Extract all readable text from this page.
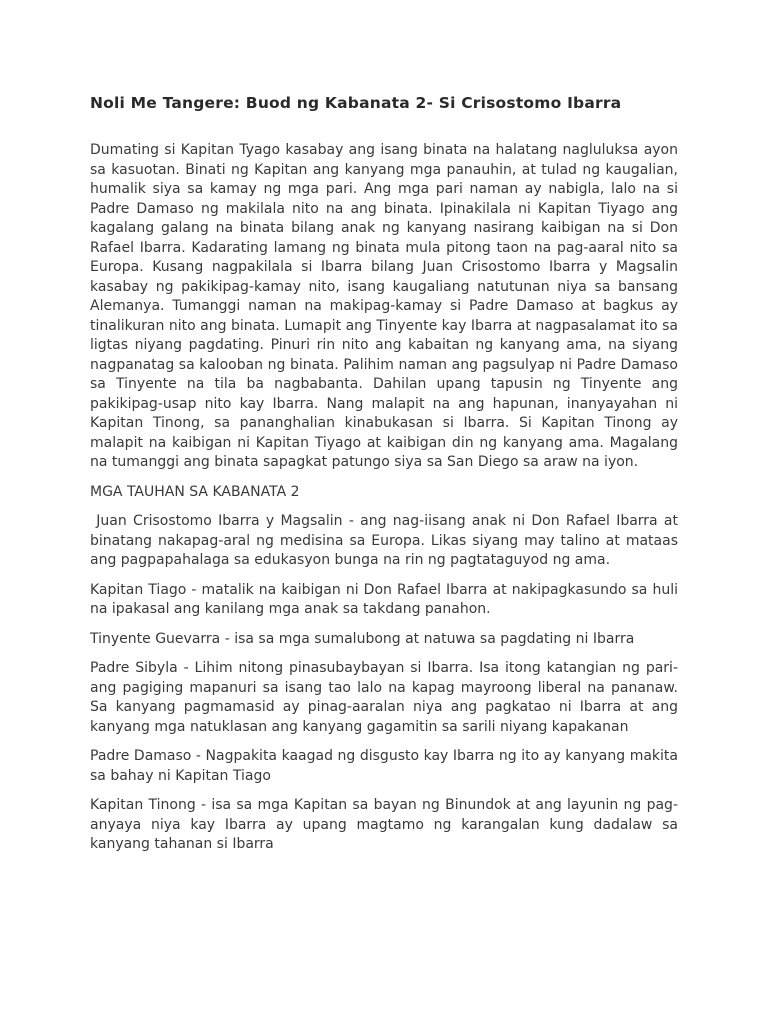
Noli Me Tangere: Buod ng Kabanata 2- Si Crisostomo Ibarra

Dumating si Kapitan Tyago kasabay ang isang binata na halatang nagluluksa ayon sa kasuotan. Binati ng Kapitan ang kanyang mga panauhin, at tulad ng kaugalian, humalik siya sa kamay ng mga pari. Ang mga pari naman ay nabigla, lalo na si Padre Damaso ng makilala nito na ang binata. Ipinakilala ni Kapitan Tiyago ang kagalang galang na binata bilang anak ng kanyang nasirang kaibigan na si Don Rafael Ibarra. Kadarating lamang ng binata mula pitong taon na pag-aaral nito sa Europa. Kusang nagpakilala si Ibarra bilang Juan Crisostomo Ibarra y Magsalin kasabay ng pakikipag-kamay nito, isang kaugaliang natutunan niya sa bansang Alemanya. Tumanggi naman na makipag-kamay si Padre Damaso at bagkus ay tinalikuran nito ang binata. Lumapit ang Tinyente kay Ibarra at nagpasalamat ito sa ligtas niyang pagdating. Pinuri rin nito ang kabaitan ng kanyang ama, na siyang nagpanatag sa kalooban ng binata. Palihim naman ang pagsulyap ni Padre Damaso sa Tinyente na tila ba nagbabanta. Dahilan upang tapusin ng Tinyente ang pakikipag-usap nito kay Ibarra. Nang malapit na ang hapunan, inanyayahan ni Kapitan Tinong, sa pananghalian kinabukasan si Ibarra. Si Kapitan Tinong ay malapit na kaibigan ni Kapitan Tiyago at kaibigan din ng kanyang ama. Magalang na tumanggi ang binata sapagkat patungo siya sa San Diego sa araw na iyon.

MGA TAUHAN SA KABANATA 2

Juan Crisostomo Ibarra y Magsalin - ang nag-iisang anak ni Don Rafael Ibarra at binatang nakapag-aral ng medisina sa Europa. Likas siyang may talino at mataas ang pagpapahalaga sa edukasyon bunga na rin ng pagtataguyod ng ama.

Kapitan Tiago - matalik na kaibigan ni Don Rafael Ibarra at nakipagkasundo sa huli na ipakasal ang kanilang mga anak sa takdang panahon.

Tinyente Guevarra - isa sa mga sumalubong at natuwa sa pagdating ni Ibarra

Padre Sibyla - Lihim nitong pinasubaybayan si Ibarra. Isa itong katangian ng pari- ang pagiging mapanuri sa isang tao lalo na kapag mayroong liberal na pananaw. Sa kanyang pagmamasid ay pinag-aaralan niya ang pagkatao ni Ibarra at ang kanyang mga natuklasan ang kanyang gagamitin sa sarili niyang kapakanan

Padre Damaso - Nagpakita kaagad ng disgusto kay Ibarra ng ito ay kanyang makita sa bahay ni Kapitan Tiago

Kapitan Tinong - isa sa mga Kapitan sa bayan ng Binundok at ang layunin ng pag-anyaya niya kay Ibarra ay upang magtamo ng karangalan kung dadalaw sa kanyang tahanan si Ibarra
